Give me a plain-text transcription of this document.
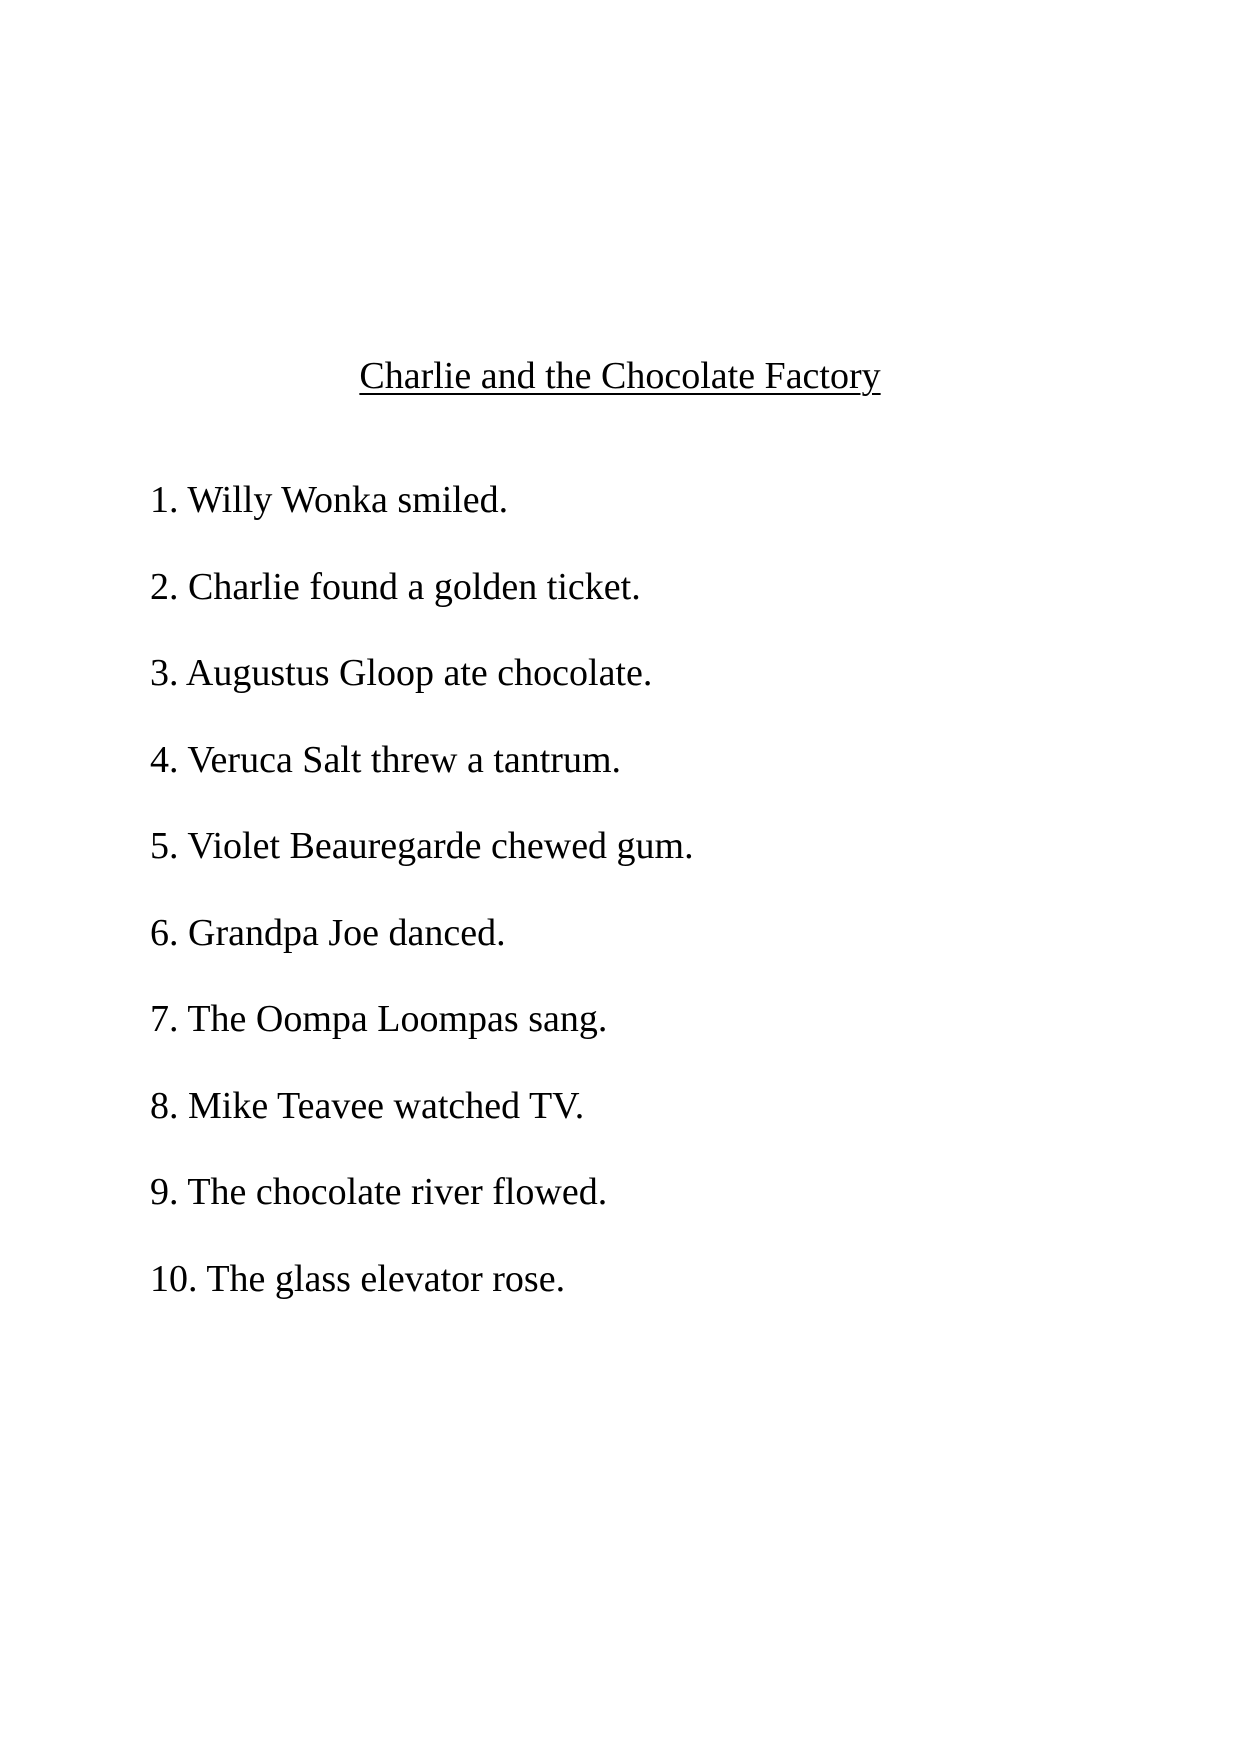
Charlie and the Chocolate Factory
1. Willy Wonka smiled.
2. Charlie found a golden ticket.
3. Augustus Gloop ate chocolate.
4. Veruca Salt threw a tantrum.
5. Violet Beauregarde chewed gum.
6. Grandpa Joe danced.
7. The Oompa Loompas sang.
8. Mike Teavee watched TV.
9. The chocolate river flowed.
10. The glass elevator rose.
